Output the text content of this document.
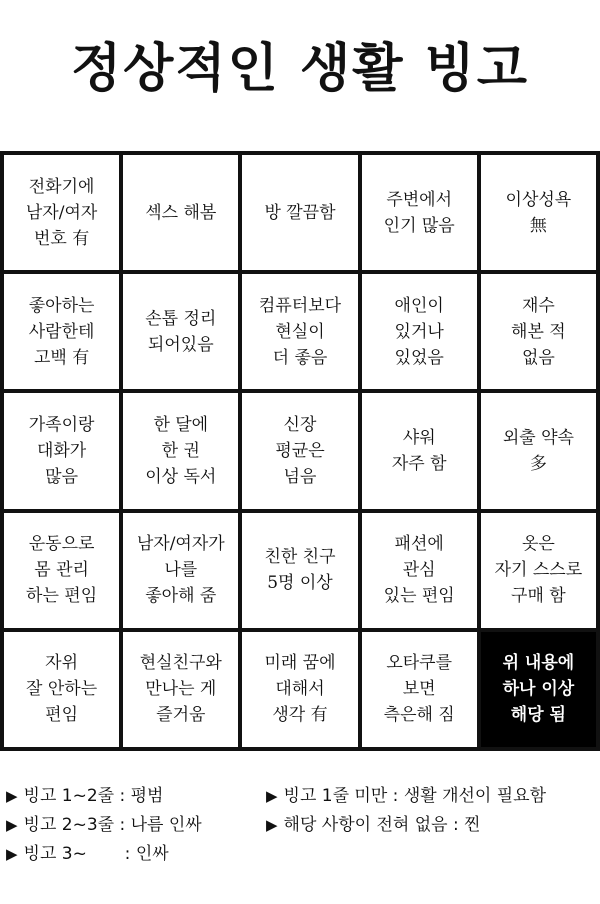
정상적인 생활 빙고
전화기에
남자/여자
번호 有
섹스 해봄	방 깔끔함
주변에서
인기 많음
이상성욕
無
좋아하는
사람한테
고백 有
손톱 정리
되어있음
컴퓨터보다
현실이
더 좋음
애인이
있거나
있었음
재수
해본 적
없음
가족이랑
대화가
많음
한 달에
한 권
이상 독서
신장
평균은
넘음
샤워
자주 함
외출 약속
多
운동으로
몸 관리
하는 편임
남자/여자가
나를
좋아해 줌
친한 친구
5명 이상
패션에
관심
있는 편임
옷은
자기 스스로
구매 함
자위
잘 안하는
편임
현실친구와
만나는 게
즐거움
미래 꿈에
대해서
생각 有
오타쿠를
보면
측은해 짐
위 내용에
하나 이상
해당 됨
▶ 빙고 1~2줄 : 평범
▶ 빙고 2~3줄 : 나름 인싸
▶ 빙고 3~       : 인싸
▶ 빙고 1줄 미만 : 생활 개선이 필요함
▶ 해당 사항이 전혀 없음 : 찐
